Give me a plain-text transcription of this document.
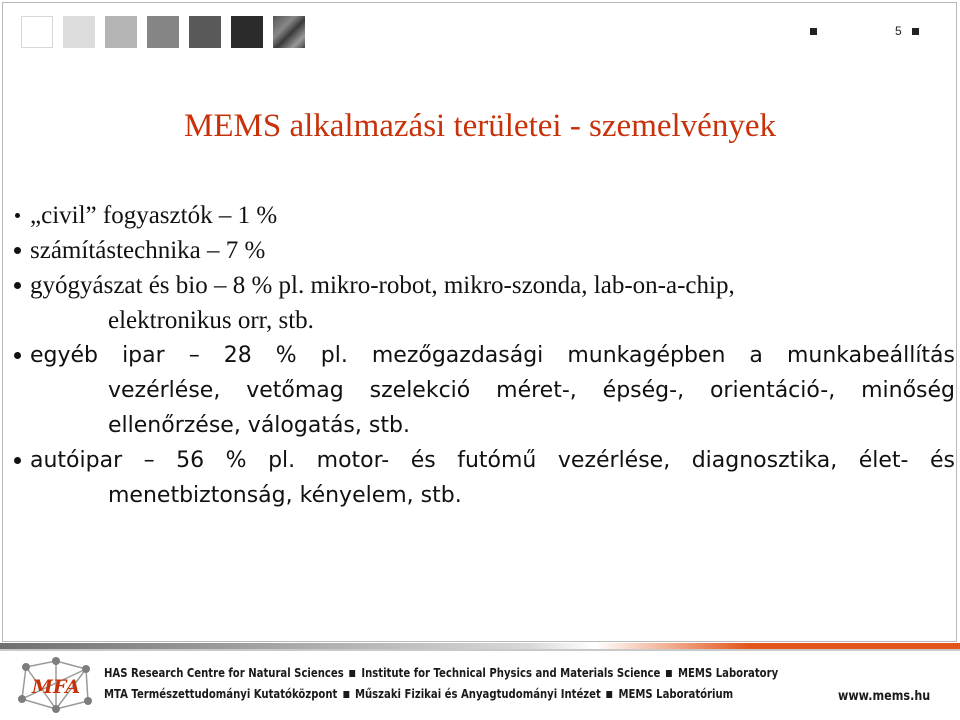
5
MEMS alkalmazási területei - szemelvények
„civil” fogyasztók – 1 %
számítástechnika – 7 %
gyógyászat és bio – 8 % pl. mikro-robot, mikro-szonda, lab-on-a-chip,
elektronikus orr, stb.
egyéb ipar – 28 % pl. mezőgazdasági munkagépben a munkabeállítás
vezérlése, vetőmag szelekció méret-, épség-, orientáció-, minőség
ellenőrzése, válogatás, stb.
autóipar – 56 % pl. motor- és futómű vezérlése, diagnosztika, élet- és
menetbiztonság, kényelem, stb.
MFA
HAS Research Centre for Natural Sciences Institute for Technical Physics and Materials Science MEMS Laboratory
MTA Természettudományi Kutatóközpont Műszaki Fizikai és Anyagtudományi Intézet MEMS Laboratórium	www.mems.hu
